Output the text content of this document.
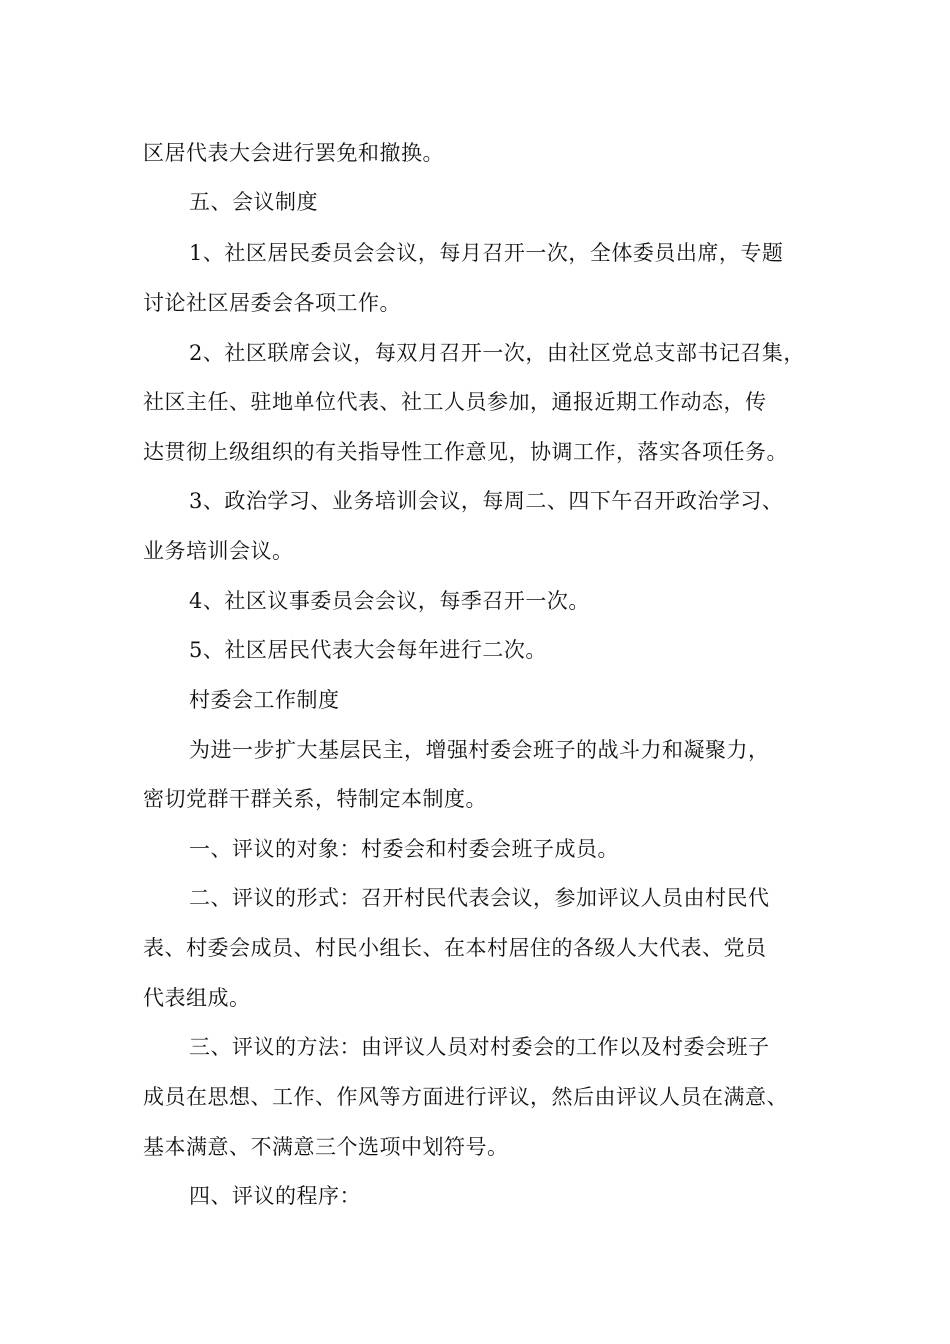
区居代表大会进行罢免和撤换。
五、会议制度
1、社区居民委员会会议，每月召开一次，全体委员出席，专题
讨论社区居委会各项工作。
2、社区联席会议，每双月召开一次，由社区党总支部书记召集，
社区主任、驻地单位代表、社工人员参加，通报近期工作动态，传
达贯彻上级组织的有关指导性工作意见，协调工作，落实各项任务。
3、政治学习、业务培训会议，每周二、四下午召开政治学习、
业务培训会议。
4、社区议事委员会会议，每季召开一次。
5、社区居民代表大会每年进行二次。
村委会工作制度
为进一步扩大基层民主，增强村委会班子的战斗力和凝聚力，
密切党群干群关系，特制定本制度。
一、评议的对象：村委会和村委会班子成员。
二、评议的形式：召开村民代表会议，参加评议人员由村民代
表、村委会成员、村民小组长、在本村居住的各级人大代表、党员
代表组成。
三、评议的方法：由评议人员对村委会的工作以及村委会班子
成员在思想、工作、作风等方面进行评议，然后由评议人员在满意、
基本满意、不满意三个选项中划符号。
四、评议的程序：
